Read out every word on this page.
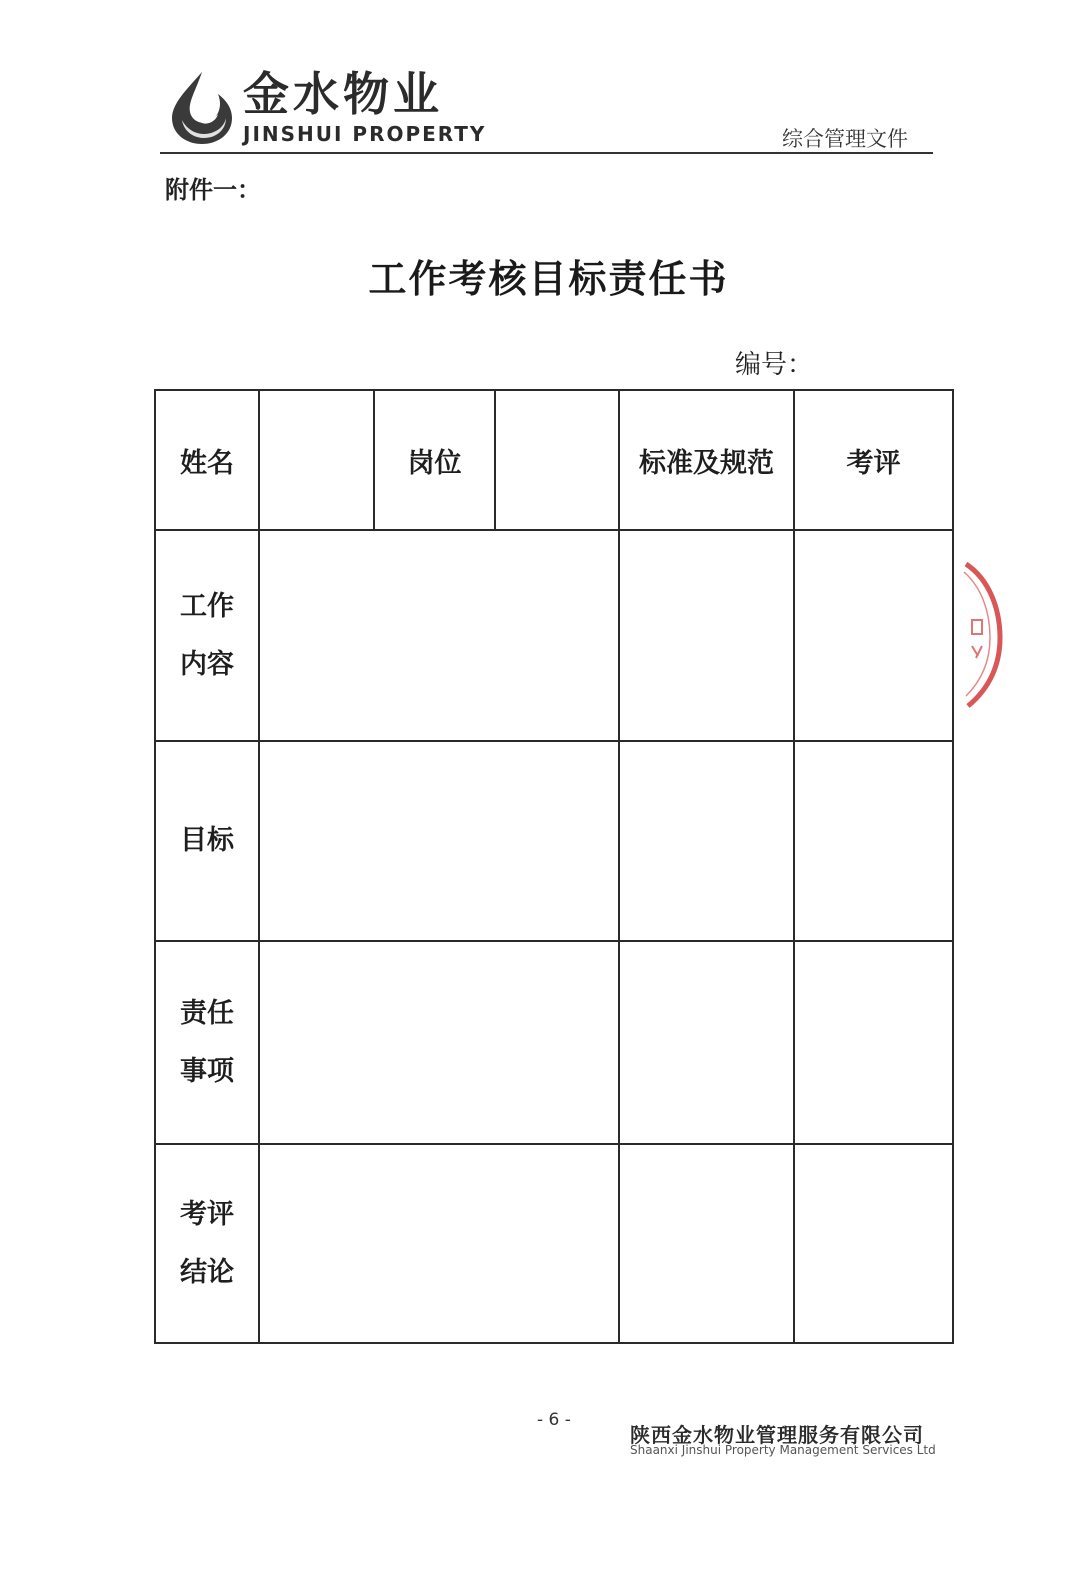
金水物业
JINSHUI PROPERTY	综合管理文件
附件一：
工作考核目标责任书
编号：
姓名		岗位		标准及规范	考评

工作
内容					

目标					

责任
事项					

考评
结论					

- 6 -
陕西金水物业管理服务有限公司
Shaanxi Jinshui Property Management Services Ltd
